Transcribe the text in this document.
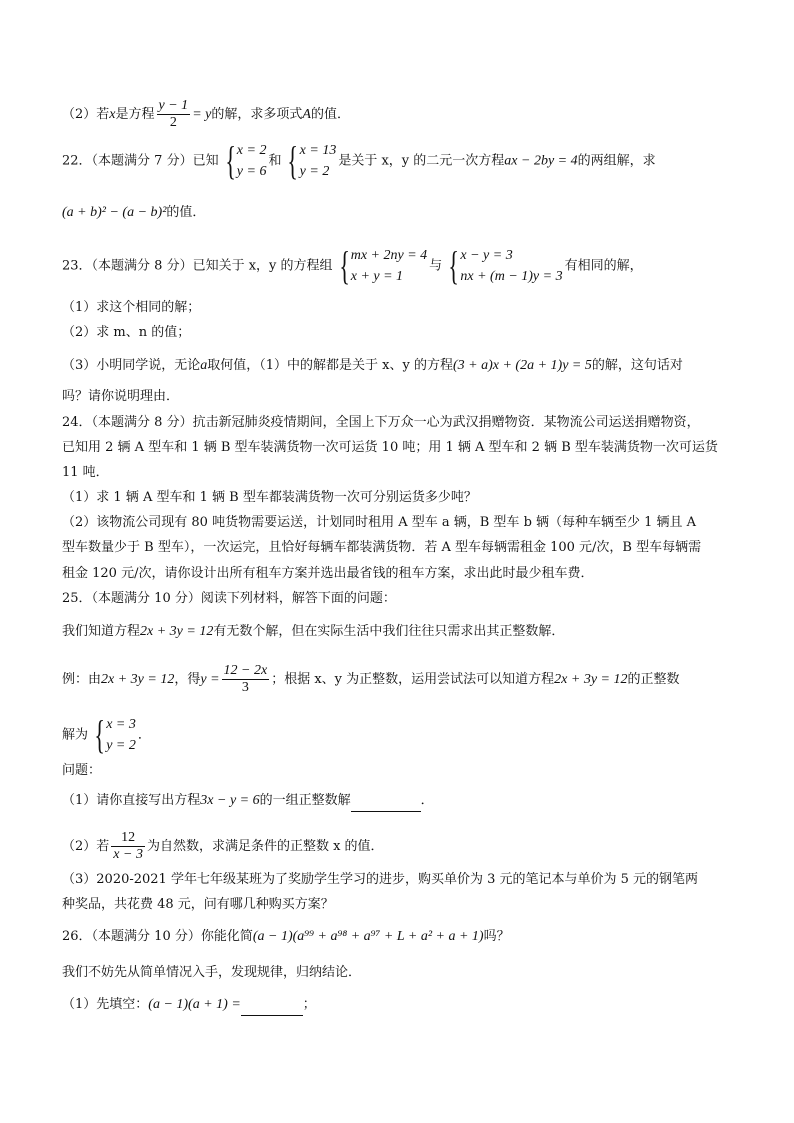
（2）若x是方程 $\frac{y - 1}{2} = y$的解，求多项式A的值．
22．（本题满分 7 分）已知 { x = 2
y = 6
和 { x = 13
y = 2
是关于 x，y 的二元一次方程ax − 2by = 4的两组解，求
(a + b)² − (a − b)²的值．
23．（本题满分 8 分）已知关于 x，y 的方程组 { mx + 2ny = 4
x + y = 1
与 { x − y = 3
nx + (m − 1)y = 3
有相同的解，
（1）求这个相同的解；
（2）求 m、n 的值；
（3）小明同学说，无论a取何值，（1）中的解都是关于 x、y 的方程(3 + a)x + (2a + 1)y = 5的解，这句话对
吗？请你说明理由．
24．（本题满分 8 分）抗击新冠肺炎疫情期间，全国上下万众一心为武汉捐赠物资．某物流公司运送捐赠物资，
已知用 2 辆 A 型车和 1 辆 B 型车装满货物一次可运货 10 吨；用 1 辆 A 型车和 2 辆 B 型车装满货物一次可运货
11 吨．
（1）求 1 辆 A 型车和 1 辆 B 型车都装满货物一次可分别运货多少吨？
（2）该物流公司现有 80 吨货物需要运送，计划同时租用 A 型车 a 辆，B 型车 b 辆（每种车辆至少 1 辆且 A
型车数量少于 B 型车），一次运完，且恰好每辆车都装满货物．若 A 型车每辆需租金 100 元/次，B 型车每辆需
租金 120 元/次，请你设计出所有租车方案并选出最省钱的租车方案，求出此时最少租车费．
25．（本题满分 10 分）阅读下列材料，解答下面的问题：
我们知道方程2x + 3y = 12有无数个解，但在实际生活中我们往往只需求出其正整数解．
例：由2x + 3y = 12，得$y = \frac{12 - 2x}{3}$ ；根据 x、y 为正整数，运用尝试法可以知道方程2x + 3y = 12的正整数
解为 { x = 3
y = 2
．
问题：
（1）请你直接写出方程3x − y = 6的一组正整数解	．
（2）若 $\frac{12}{x - 3}$ 为自然数，求满足条件的正整数 x 的值．
（3）2020-2021 学年七年级某班为了奖励学生学习的进步，购买单价为 3 元的笔记本与单价为 5 元的钢笔两
种奖品，共花费 48 元，问有哪几种购买方案？
26．（本题满分 10 分）你能化简(a − 1)(a⁹⁹ + a⁹⁸ + a⁹⁷ + L + a² + a + 1)吗？
我们不妨先从简单情况入手，发现规律，归纳结论．
（1）先填空：(a − 1)(a + 1) =	；
